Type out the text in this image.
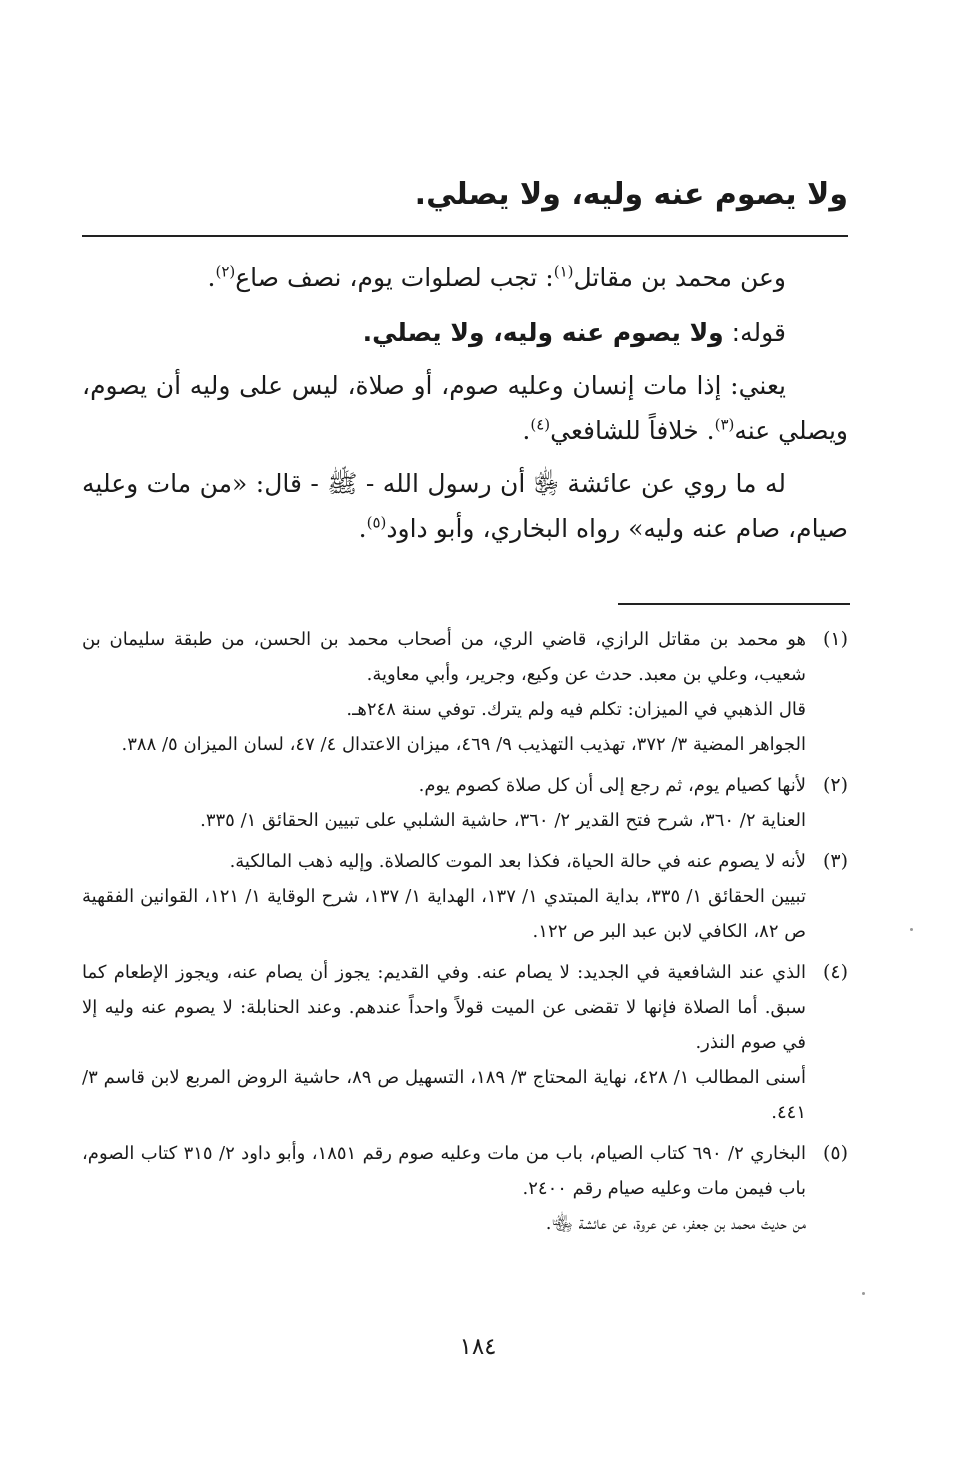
ولا يصوم عنه وليه، ولا يصلي.

وعن محمد بن مقاتل$^{(١)}$: تجب لصلوات يوم، نصف صاع$^{(٢)}$.

قوله: ولا يصوم عنه وليه، ولا يصلي.

يعني: إذا مات إنسان وعليه صوم، أو صلاة، ليس على وليه أن يصوم، ويصلي عنه$^{(٣)}$. خلافاً للشافعي$^{(٤)}$.

له ما روي عن عائشة ﵂ أن رسول الله - ﷺ - قال: «من مات وعليه صيام، صام عنه وليه» رواه البخاري، وأبو داود$^{(٥)}$.

(١)
هو محمد بن مقاتل الرازي، قاضي الري، من أصحاب محمد بن الحسن، من طبقة سليمان بن شعيب، وعلي بن معبد. حدث عن وكيع، وجرير، وأبي معاوية.
قال الذهبي في الميزان: تكلم فيه ولم يترك. توفي سنة ٢٤٨هـ.
الجواهر المضية ٣/ ٣٧٢، تهذيب التهذيب ٩/ ٤٦٩، ميزان الاعتدال ٤/ ٤٧، لسان الميزان ٥/ ٣٨٨.
(٢)
لأنها كصيام يوم، ثم رجع إلى أن كل صلاة كصوم يوم.
العناية ٢/ ٣٦٠، شرح فتح القدير ٢/ ٣٦٠، حاشية الشلبي على تبيين الحقائق ١/ ٣٣٥.
(٣)
لأنه لا يصوم عنه في حالة الحياة، فكذا بعد الموت كالصلاة. وإليه ذهب المالكية.
تبيين الحقائق ١/ ٣٣٥، بداية المبتدي ١/ ١٣٧، الهداية ١/ ١٣٧، شرح الوقاية ١/ ١٢١، القوانين الفقهية ص ٨٢، الكافي لابن عبد البر ص ١٢٢.
(٤)
الذي عند الشافعية في الجديد: لا يصام عنه. وفي القديم: يجوز أن يصام عنه، ويجوز الإطعام كما سبق. أما الصلاة فإنها لا تقضى عن الميت قولاً واحداً عندهم. وعند الحنابلة: لا يصوم عنه وليه إلا في صوم النذر.
أسنى المطالب ١/ ٤٢٨، نهاية المحتاج ٣/ ١٨٩، التسهيل ص ٨٩، حاشية الروض المربع لابن قاسم ٣/ ٤٤١.
(٥)
البخاري ٢/ ٦٩٠ كتاب الصيام، باب من مات وعليه صوم رقم ١٨٥١، وأبو داود ٢/ ٣١٥ كتاب الصوم، باب فيمن مات وعليه صيام رقم ٢٤٠٠.
من حديث محمد بن جعفر، عن عروة، عن عائشة ﵄.
١٨٤
